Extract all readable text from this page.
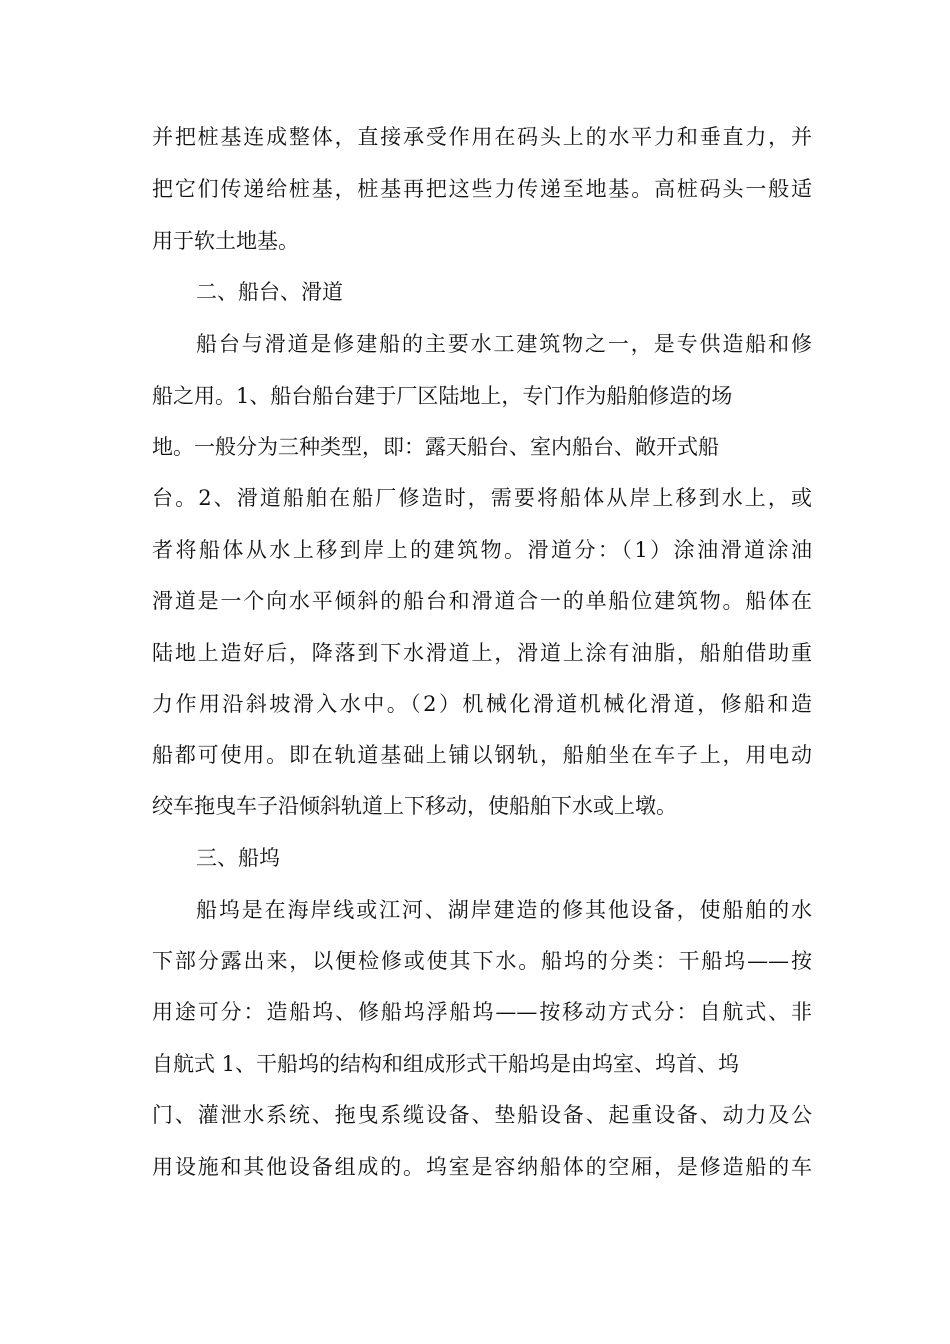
并把桩基连成整体，直接承受作用在码头上的水平力和垂直力，并
把它们传递给桩基，桩基再把这些力传递至地基。高桩码头一般适
用于软土地基。
二、船台、滑道
船台与滑道是修建船的主要水工建筑物之一，是专供造船和修
船之用。1、船台船台建于厂区陆地上，专门作为船舶修造的场
地。一般分为三种类型，即：露天船台、室内船台、敞开式船
台。2、滑道船舶在船厂修造时，需要将船体从岸上移到水上，或
者将船体从水上移到岸上的建筑物。滑道分：（1）涂油滑道涂油
滑道是一个向水平倾斜的船台和滑道合一的单船位建筑物。船体在
陆地上造好后，降落到下水滑道上，滑道上涂有油脂，船舶借助重
力作用沿斜坡滑入水中。（2）机械化滑道机械化滑道，修船和造
船都可使用。即在轨道基础上铺以钢轨，船舶坐在车子上，用电动
绞车拖曳车子沿倾斜轨道上下移动，使船舶下水或上墩。
三、船坞
船坞是在海岸线或江河、湖岸建造的修其他设备，使船舶的水
下部分露出来，以便检修或使其下水。船坞的分类：干船坞——按
用途可分：造船坞、修船坞浮船坞——按移动方式分：自航式、非
自航式 1、干船坞的结构和组成形式干船坞是由坞室、坞首、坞
门、灌泄水系统、拖曳系缆设备、垫船设备、起重设备、动力及公
用设施和其他设备组成的。坞室是容纳船体的空厢，是修造船的车
